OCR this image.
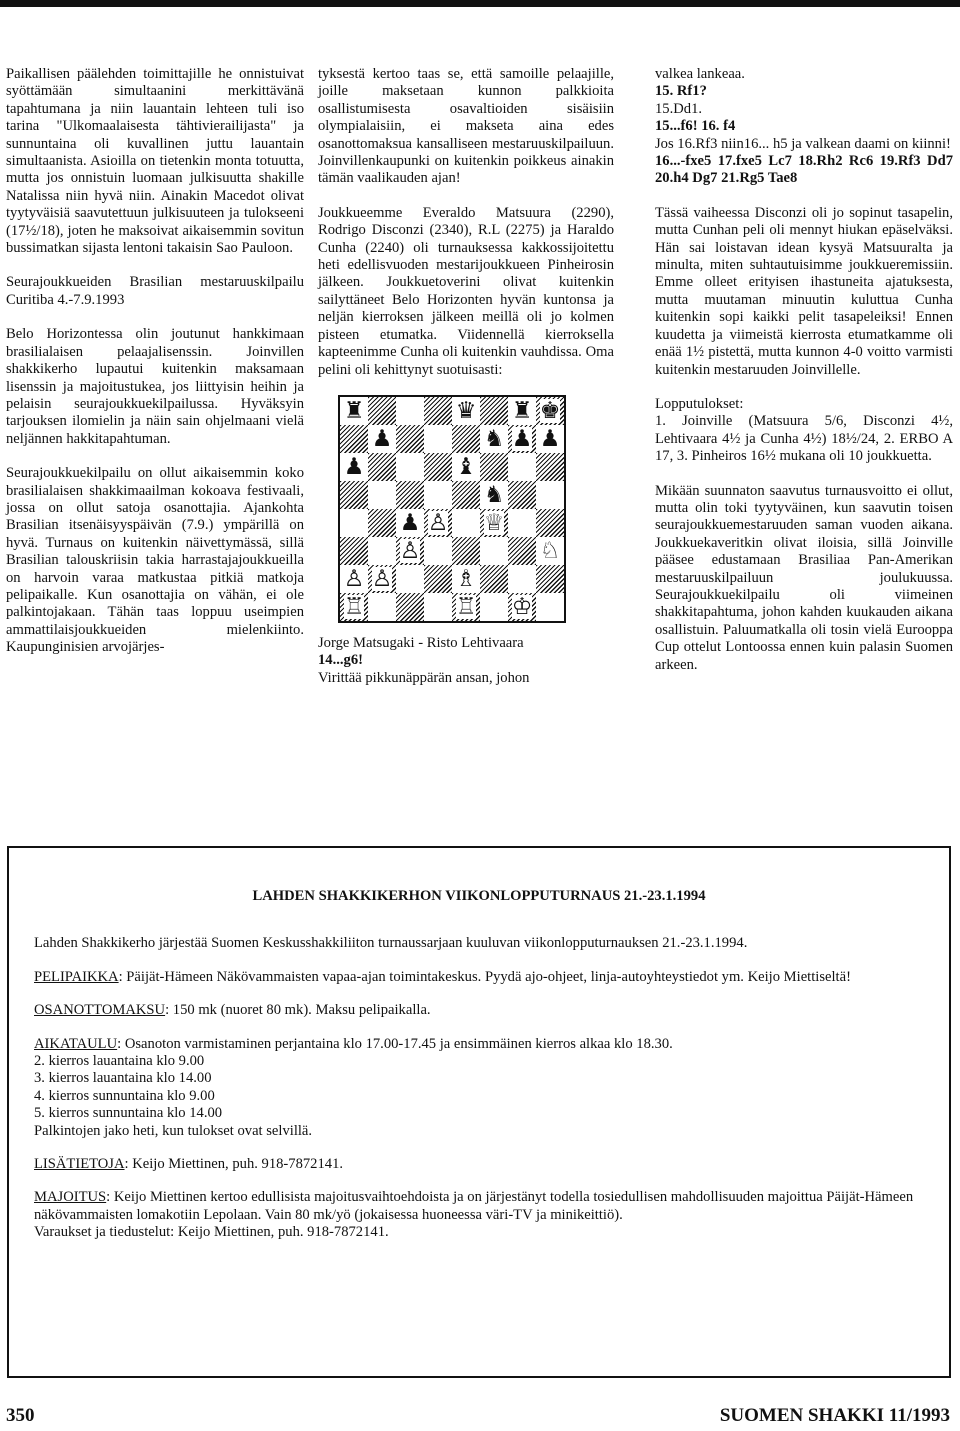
Paikallisen päälehden toimittajille he onnistuivat syöttämään simultaanini merkittävänä tapahtumana ja niin lauantain lehteen tuli iso tarina "Ulkomaalaisesta tähtivierailijasta" ja sunnuntaina oli kuvallinen juttu lauantain simultaanista. Asioilla on tietenkin monta totuutta, mutta jos onnistuin luomaan julkisuutta shakille Natalissa niin hyvä niin. Ainakin Macedot olivat tyytyväisiä saavutettuun julkisuuteen ja tulokseeni (17½/18), joten he maksoivat aikaisemmin sovitun bussimatkan sijasta lentoni takaisin Sao Pauloon.

Seurajoukkueiden Brasilian mestaruuskilpailu Curitiba 4.-7.9.1993

Belo Horizontessa olin joutunut hankkimaan brasilialaisen pelaajalisenssin. Joinvillen shakkikerho lupautui kuitenkin maksamaan lisenssin ja majoitustukea, jos liittyisin heihin ja pelaisin seurajoukkuekilpailussa. Hyväksyin tarjouksen ilomielin ja näin sain ohjelmaani vielä neljännen hakkitapahtuman.

Seurajoukkuekilpailu on ollut aikaisemmin koko brasilialaisen shakkimaailman kokoava festivaali, jossa on ollut satoja osanottajia. Ajankohta Brasilian itsenäisyyspäivän (7.9.) ympärillä on hyvä. Turnaus on kuitenkin näivettymässä, sillä Brasilian talouskriisin takia harrastajajoukkueilla on harvoin varaa matkustaa pitkiä matkoja pelipaikalle. Kun osanottajia on vähän, ei ole palkintojakaan. Tähän taas loppuu useimpien ammattilaisjoukkueiden mielenkiinto. Kaupunginisien arvojärjes-

tyksestä kertoo taas se, että samoille pelaajille, joille maksetaan kunnon palkkioita osallistumisesta osavaltioiden sisäisiin olympialaisiin, ei makseta aina edes osanottomaksua kansalliseen mestaruuskilpailuun. Joinvillenkaupunki on kuitenkin poikkeus ainakin tämän vaalikauden ajan!

Joukkueemme Everaldo Matsuura (2290), Rodrigo Disconzi (2340), R.L (2275) ja Haraldo Cunha (2240) oli turnauksessa kakkossijoitettu heti edellisvuoden mestarijoukkueen Pinheirosin jälkeen. Joukkuetoverini olivat kuitenkin sailyttäneet Belo Horizonten hyvän kuntonsa ja neljän kierroksen jälkeen meillä oli jo kolmen pisteen etumatka. Viidennellä kierroksella kapteenimme Cunha oli kuitenkin vauhdissa. Oma pelini oli kehittynyt suotuisasti:

♜	♛ ♜ ♚
♟	♞ ♟ ♟
♟	♝
♞
♟ ♙ ♕
♙	♘
♙ ♙	♗
♖	♖ ♔
Jorge Matsugaki - Risto Lehtivaara
14...g6!
Virittää pikkunäppärän ansan, johon
valkea lankeaa.
15. Rf1?
15.Dd1.
15...f6! 16. f4
Jos 16.Rf3 niin16... h5 ja valkean daami on kiinni!

16...-fxe5 17.fxe5 Lc7 18.Rh2 Rc6 19.Rf3 Dd7 20.h4 Dg7 21.Rg5 Tae8

Tässä vaiheessa Disconzi oli jo sopinut tasapelin, mutta Cunhan peli oli mennyt hiukan epäselväksi. Hän sai loistavan idean kysyä Matsuuralta ja minulta, miten suhtautuisimme joukkueremissiin. Emme olleet erityisen ihastuneita ajatuksesta, mutta muutaman minuutin kuluttua Cunha kuitenkin sopi kaikki pelit tasapeleiksi! Ennen kuudetta ja viimeistä kierrosta etumatkamme oli enää 1½ pistettä, mutta kunnon 4-0 voitto varmisti kuitenkin mestaruuden Joinvillelle.

Lopputulokset:

1. Joinville (Matsuura 5/6, Disconzi 4½, Lehtivaara 4½ ja Cunha 4½) 18½/24, 2. ERBO A 17, 3. Pinheiros 16½ mukana oli 10 joukkuetta.

Mikään suunnaton saavutus turnausvoitto ei ollut, mutta olin toki tyytyväinen, kun saavutin toisen seurajoukkuemestaruuden saman vuoden aikana. Joukkuekaveritkin olivat iloisia, sillä Joinville pääsee edustamaan Brasiliaa Pan-Amerikan mestaruuskilpailuun joulukuussa. Seurajoukkuekilpailu oli viimeinen shakkitapahtuma, johon kahden kuukauden aikana osallistuin. Paluumatkalla oli tosin vielä Eurooppa Cup ottelut Lontoossa ennen kuin palasin Suomen arkeen.

LAHDEN SHAKKIKERHON VIIKONLOPPUTURNAUS 21.-23.1.1994

Lahden Shakkikerho järjestää Suomen Keskusshakkiliiton turnaussarjaan kuuluvan viikonlopputurnauksen 21.-23.1.1994.

PELIPAIKKA: Päijät-Hämeen Näkövammaisten vapaa-ajan toimintakeskus. Pyydä ajo-ohjeet, linja-autoyhteystiedot ym. Keijo Miettiseltä!

OSANOTTOMAKSU: 150 mk (nuoret 80 mk). Maksu pelipaikalla.

AIKATAULU: Osanoton varmistaminen perjantaina klo 17.00-17.45 ja ensimmäinen kierros alkaa klo 18.30.
2. kierros lauantaina klo 9.00
3. kierros lauantaina klo 14.00
4. kierros sunnuntaina klo 9.00
5. kierros sunnuntaina klo 14.00
Palkintojen jako heti, kun tulokset ovat selvillä.

LISÄTIETOJA: Keijo Miettinen, puh. 918-7872141.

MAJOITUS: Keijo Miettinen kertoo edullisista majoitusvaihtoehdoista ja on järjestänyt todella tosiedullisen mahdollisuuden majoittua Päijät-Hämeen näkövammaisten lomakotiin Lepolaan. Vain 80 mk/yö (jokaisessa huoneessa väri-TV ja minikeittiö).
Varaukset ja tiedustelut: Keijo Miettinen, puh. 918-7872141.

350	SUOMEN SHAKKI 11/1993
